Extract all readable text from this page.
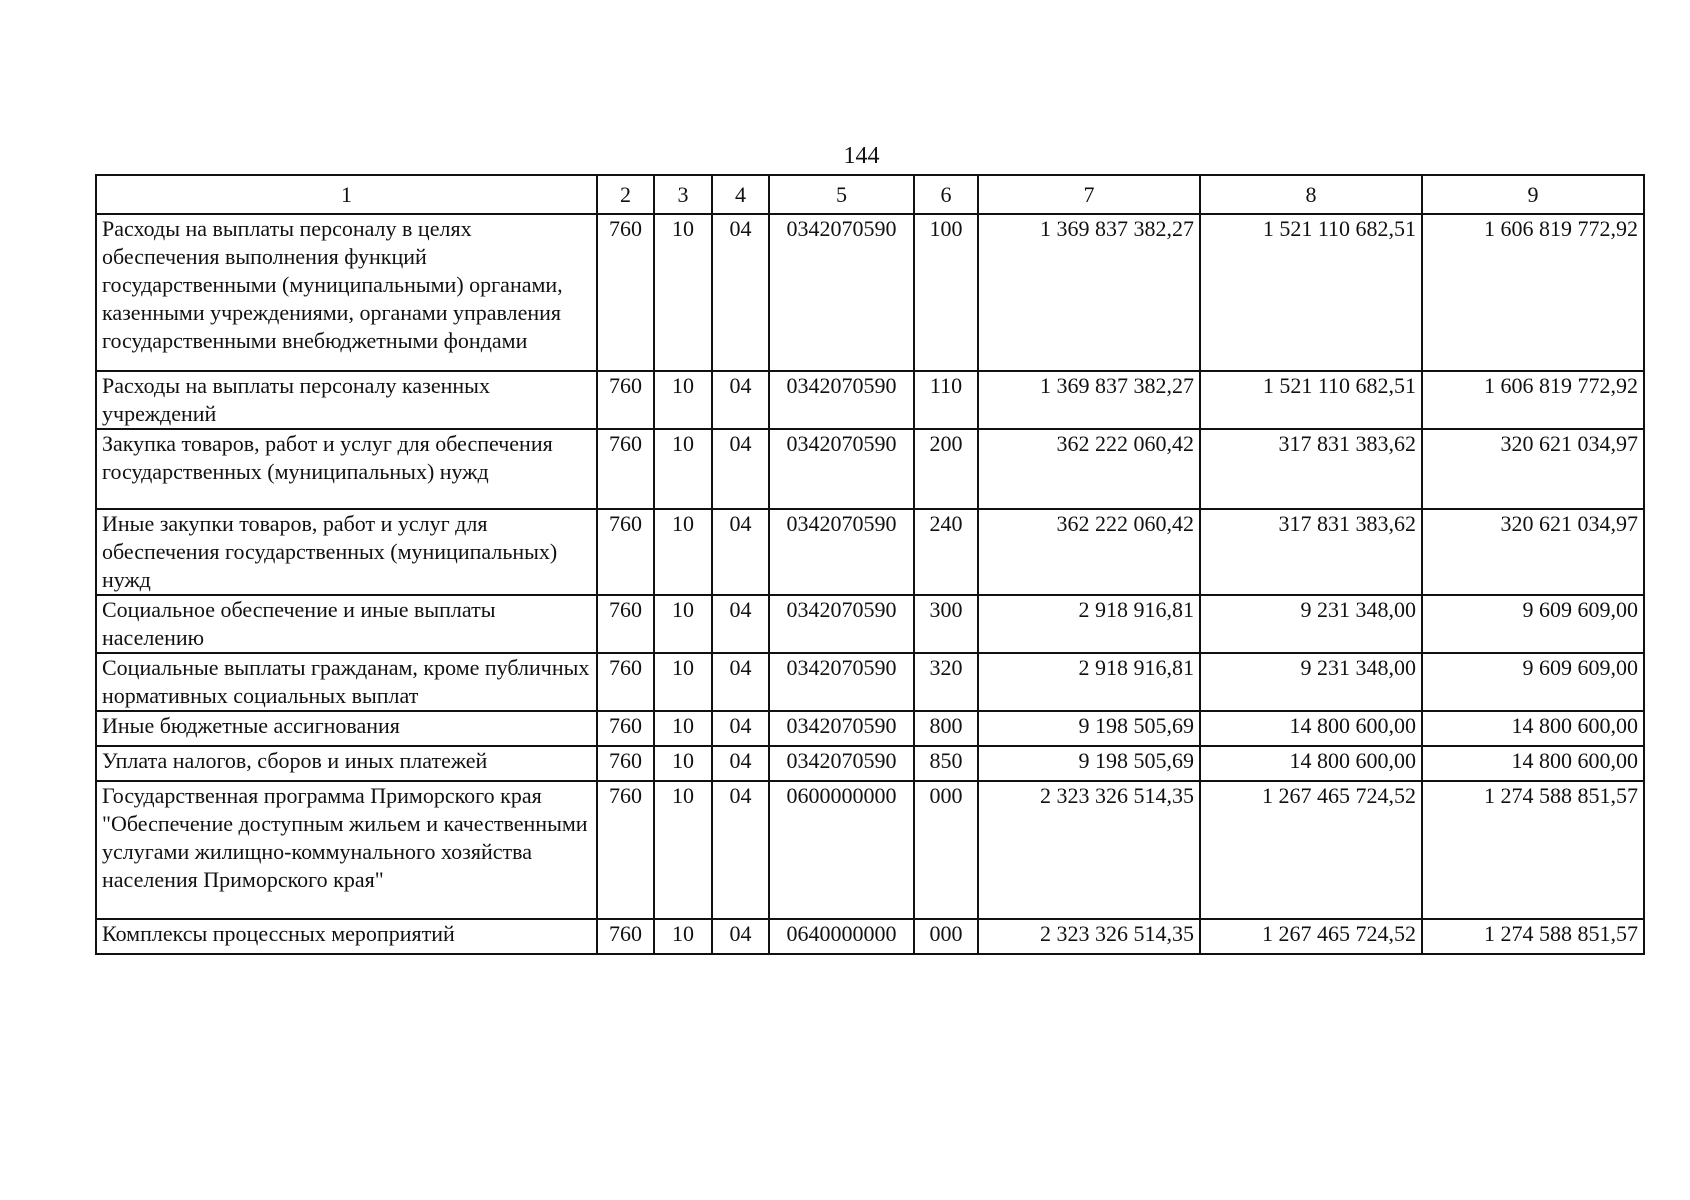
144
1	2	3	4	5	6	7	8	9
Расходы на выплаты персоналу в целях обеспечения выполнения функций государственными (муниципальными) органами, казенными учреждениями, органами управления государственными внебюджетными фондами	760	10	04	0342070590	100	1 369 837 382,27	1 521 110 682,51	1 606 819 772,92
Расходы на выплаты персоналу казенных учреждений	760	10	04	0342070590	110	1 369 837 382,27	1 521 110 682,51	1 606 819 772,92
Закупка товаров, работ и услуг для обеспечения государственных (муниципальных) нужд	760	10	04	0342070590	200	362 222 060,42	317 831 383,62	320 621 034,97
Иные закупки товаров, работ и услуг для обеспечения государственных (муниципальных) нужд	760	10	04	0342070590	240	362 222 060,42	317 831 383,62	320 621 034,97
Социальное обеспечение и иные выплаты населению	760	10	04	0342070590	300	2 918 916,81	9 231 348,00	9 609 609,00
Социальные выплаты гражданам, кроме публичных нормативных социальных выплат	760	10	04	0342070590	320	2 918 916,81	9 231 348,00	9 609 609,00
Иные бюджетные ассигнования	760	10	04	0342070590	800	9 198 505,69	14 800 600,00	14 800 600,00
Уплата налогов, сборов и иных платежей	760	10	04	0342070590	850	9 198 505,69	14 800 600,00	14 800 600,00
Государственная программа Приморского края "Обеспечение доступным жильем и качественными услугами жилищно-коммунального хозяйства населения Приморского края"	760	10	04	0600000000	000	2 323 326 514,35	1 267 465 724,52	1 274 588 851,57
Комплексы процессных мероприятий	760	10	04	0640000000	000	2 323 326 514,35	1 267 465 724,52	1 274 588 851,57
